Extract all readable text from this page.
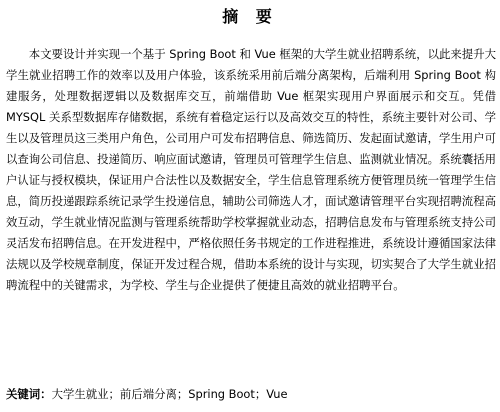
摘 要

本文要设计并实现一个基于 Spring Boot 和 Vue 框架的大学生就业招聘系统，以此来提升大学生就业招聘工作的效率以及用户体验，该系统采用前后端分离架构，后端利用 Spring Boot 构建服务，处理数据逻辑以及数据库交互，前端借助 Vue 框架实现用户界面展示和交互。凭借 MYSQL 关系型数据库存储数据，系统有着稳定运行以及高效交互的特性，系统主要针对公司、学生以及管理员这三类用户角色，公司用户可发布招聘信息、筛选简历、发起面试邀请，学生用户可以查询公司信息、投递简历、响应面试邀请，管理员可管理学生信息、监测就业情况。系统囊括用户认证与授权模块，保证用户合法性以及数据安全，学生信息管理系统方便管理员统一管理学生信息，简历投递跟踪系统记录学生投递信息，辅助公司筛选人才，面试邀请管理平台实现招聘流程高效互动，学生就业情况监测与管理系统帮助学校掌握就业动态，招聘信息发布与管理系统支持公司灵活发布招聘信息。在开发进程中，严格依照任务书规定的工作进程推进，系统设计遵循国家法律法规以及学校规章制度，保证开发过程合规，借助本系统的设计与实现，切实契合了大学生就业招聘流程中的关键需求，为学校、学生与企业提供了便捷且高效的就业招聘平台。

关键词：大学生就业；前后端分离；Spring Boot；Vue
